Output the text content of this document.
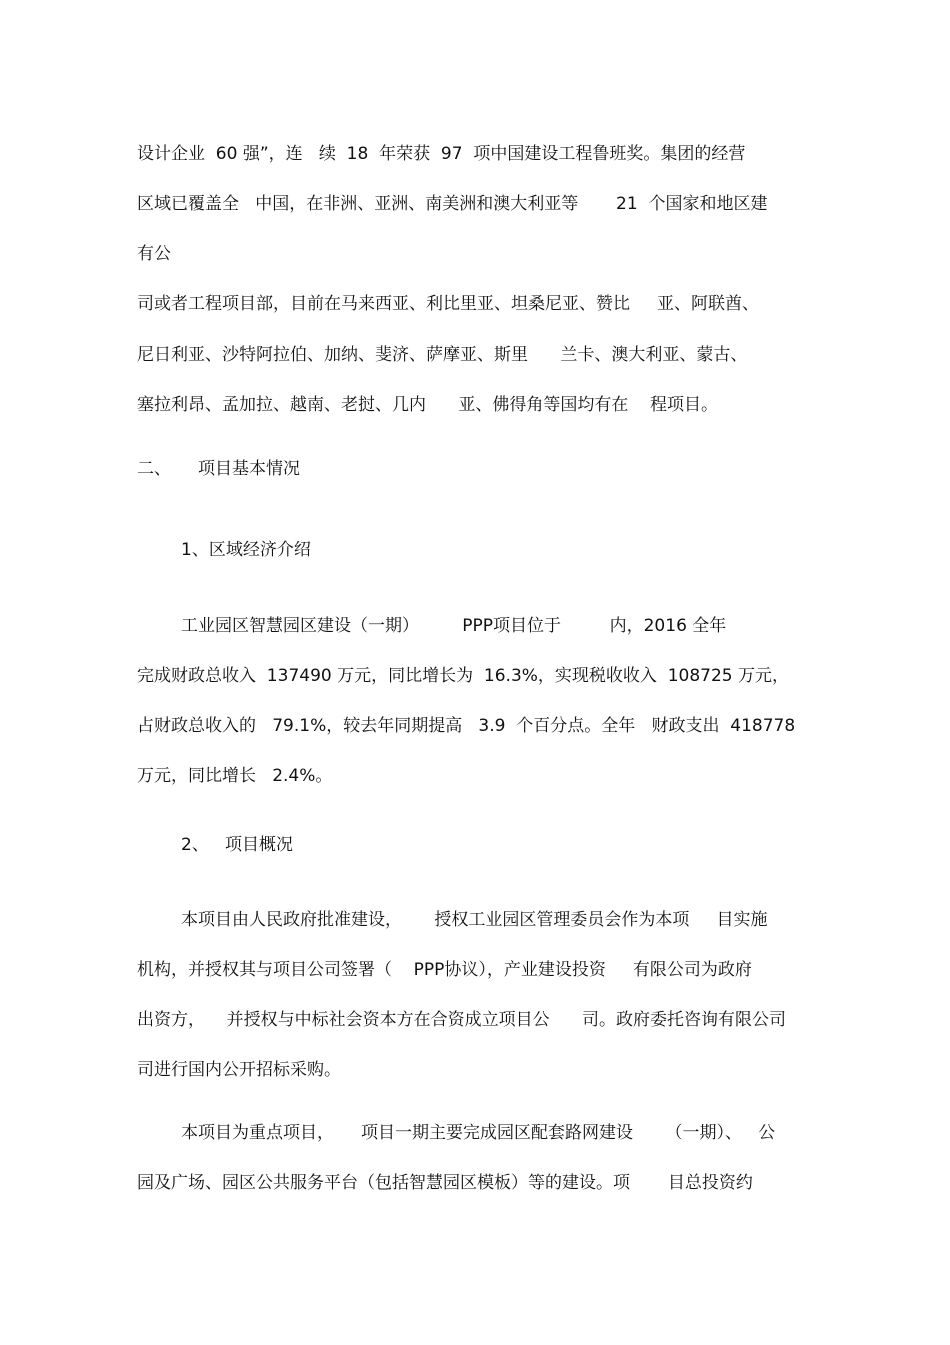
设计企业  60 强”，连   续  18  年荣获  97  项中国建设工程鲁班奖。集团的经营

区域已覆盖全   中国，在非洲、亚洲、南美洲和澳大利亚等       21  个国家和地区建

有公

司或者工程项目部，目前在马来西亚、利比里亚、坦桑尼亚、赞比     亚、阿联酋、

尼日利亚、沙特阿拉伯、加纳、斐济、萨摩亚、斯里      兰卡、澳大利亚、蒙古、

塞拉利昂、孟加拉、越南、老挝、几内      亚、佛得角等国均有在    程项目。

二、     项目基本情况

1、区域经济介绍

工业园区智慧园区建设（一期）        PPP项目位于         内，2016 全年

完成财政总收入  137490 万元，同比增长为  16.3%，实现税收收入  108725 万元，

占财政总收入的   79.1%，较去年同期提高   3.9  个百分点。全年   财政支出  418778

万元，同比增长   2.4%。

2、   项目概况

本项目由人民政府批准建设，      授权工业园区管理委员会作为本项     目实施

机构，并授权其与项目公司签署（    PPP协议），产业建设投资     有限公司为政府

出资方，    并授权与中标社会资本方在合资成立项目公      司。政府委托咨询有限公司

司进行国内公开招标采购。

本项目为重点项目，     项目一期主要完成园区配套路网建设      （一期）、   公

园及广场、园区公共服务平台（包括智慧园区模板）等的建设。项       目总投资约
